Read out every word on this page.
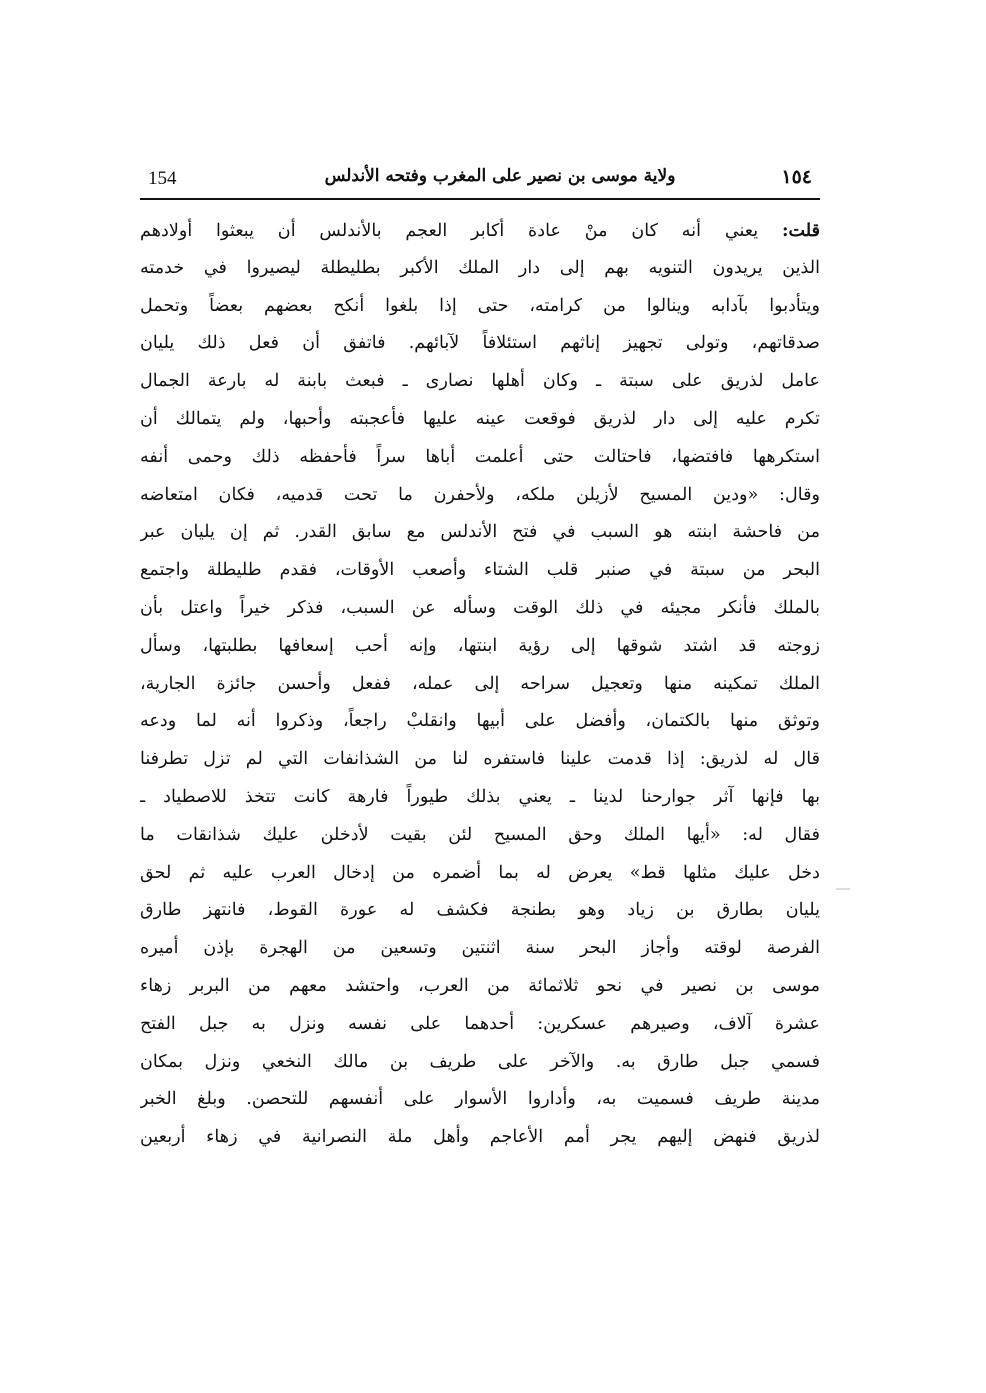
154	ولاية موسى بن نصير على المغرب وفتحه الأندلس	١٥٤
قلت: يعني أنه كان منْ عادة أكابر العجم بالأندلس أن يبعثوا أولادهم
الذين يريدون التنويه بهم إلى دار الملك الأكبر بطليطلة ليصيروا في خدمته
ويتأدبوا بآدابه وينالوا من كرامته، حتى إذا بلغوا أنكح بعضهم بعضاً وتحمل
صدقاتهم، وتولى تجهيز إناثهم استئلافاً لآبائهم. فاتفق أن فعل ذلك يليان
عامل لذريق على سبتة ـ وكان أهلها نصارى ـ فبعث بابنة له بارعة الجمال
تكرم عليه إلى دار لذريق فوقعت عينه عليها فأعجبته وأحبها، ولم يتمالك أن
استكرهها فافتضها، فاحتالت حتى أعلمت أباها سراً فأحفظه ذلك وحمى أنفه
وقال: «ودين المسيح لأزيلن ملكه، ولأحفرن ما تحت قدميه، فكان امتعاضه
من فاحشة ابنته هو السبب في فتح الأندلس مع سابق القدر. ثم إن يليان عبر
البحر من سبتة في صنبر قلب الشتاء وأصعب الأوقات، فقدم طليطلة واجتمع
بالملك فأنكر مجيئه في ذلك الوقت وسأله عن السبب، فذكر خيراً واعتل بأن
زوجته قد اشتد شوقها إلى رؤية ابنتها، وإنه أحب إسعافها بطلبتها، وسأل
الملك تمكينه منها وتعجيل سراحه إلى عمله، ففعل وأحسن جائزة الجارية،
وتوثق منها بالكتمان، وأفضل على أبيها وانقلبْ راجعاً، وذكروا أنه لما ودعه
قال له لذريق: إذا قدمت علينا فاستفره لنا من الشذانفات التي لم تزل تطرفنا
بها فإنها آثر جوارحنا لدينا ـ يعني بذلك طيوراً فارهة كانت تتخذ للاصطياد ـ
فقال له: «أيها الملك وحق المسيح لئن بقيت لأدخلن عليك شذانقات ما
دخل عليك مثلها قط» يعرض له بما أضمره من إدخال العرب عليه ثم لحق
يليان بطارق بن زياد وهو بطنجة فكشف له عورة القوط، فانتهز طارق
الفرصة لوقته وأجاز البحر سنة اثنتين وتسعين من الهجرة بإذن أميره
موسى بن نصير في نحو ثلاثمائة من العرب، واحتشد معهم من البربر زهاء
عشرة آلاف، وصيرهم عسكرين: أحدهما على نفسه ونزل به جبل الفتح
فسمي جبل طارق به. والآخر على طريف بن مالك النخعي ونزل بمكان
مدينة طريف فسميت به، وأداروا الأسوار على أنفسهم للتحصن. وبلغ الخبر
لذريق فنهض إليهم يجر أمم الأعاجم وأهل ملة النصرانية في زهاء أربعين
